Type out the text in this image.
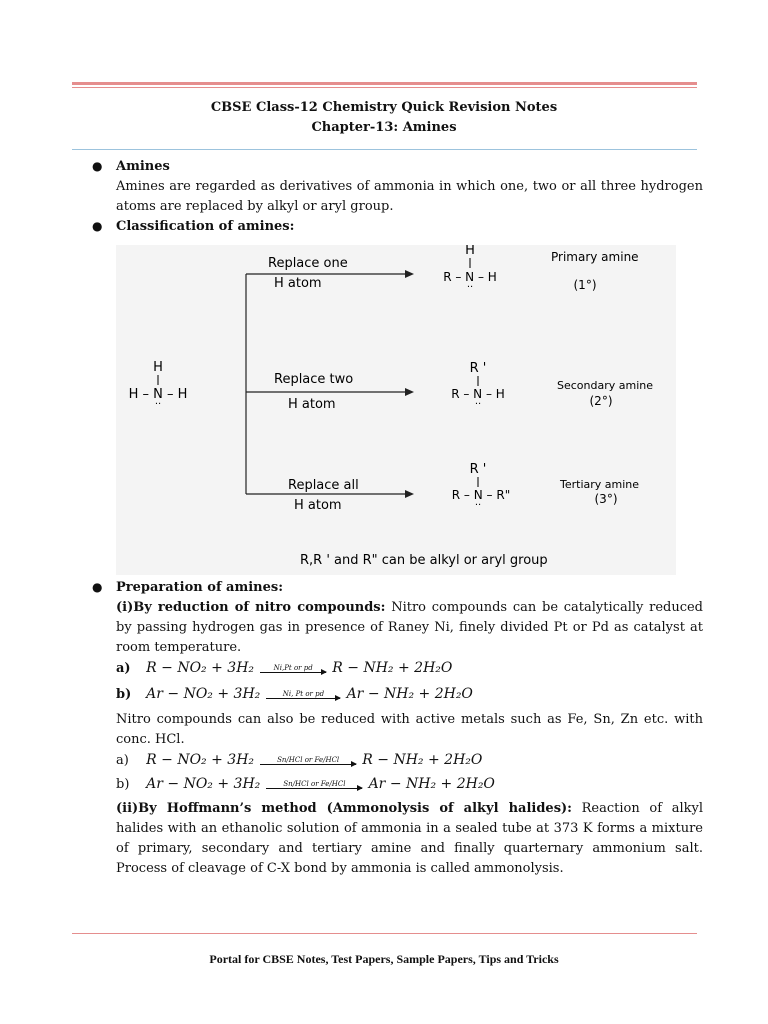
CBSE Class-12 Chemistry Quick Revision Notes
Chapter-13: Amines
● Amines
Amines are regarded as derivatives of ammonia in which one, two or all three hydrogen atoms are replaced by alkyl or aryl group.
● Classification of amines:
H
H – N – H
··
Replace one
H atom
Replace two
H atom
Replace all
H atom
H
R – N – H
··
Primary amine
(1°)
R '
R – N – H
··
Secondary amine
(2°)
R '
R – N – R"
··
Tertiary amine
(3°)
R,R ' and R" can be alkyl or aryl group
● Preparation of amines:
(i)By reduction of nitro compounds: Nitro compounds can be catalytically reduced by passing hydrogen gas in presence of Raney Ni, finely divided Pt or Pd as catalyst at room temperature.
a) R − NO₂ + 3H₂	Ni,Pt or pd	R − NH₂ + 2H₂O
b) Ar − NO₂ + 3H₂	Ni, Pt or pd	Ar − NH₂ + 2H₂O
Nitro compounds can also be reduced with active metals such as Fe, Sn, Zn etc. with conc. HCl.
a) R − NO₂ + 3H₂	Sn/HCl or Fe/HCl	R − NH₂ + 2H₂O
b) Ar − NO₂ + 3H₂	Sn/HCl or Fe/HCl	Ar − NH₂ + 2H₂O
(ii)By Hoffmann’s method (Ammonolysis of alkyl halides): Reaction of alkyl halides with an ethanolic solution of ammonia in a sealed tube at 373 K forms a mixture of primary, secondary and tertiary amine and finally quarternary ammonium salt. Process of cleavage of C-X bond by ammonia is called ammonolysis.
Portal for CBSE Notes, Test Papers, Sample Papers, Tips and Tricks
